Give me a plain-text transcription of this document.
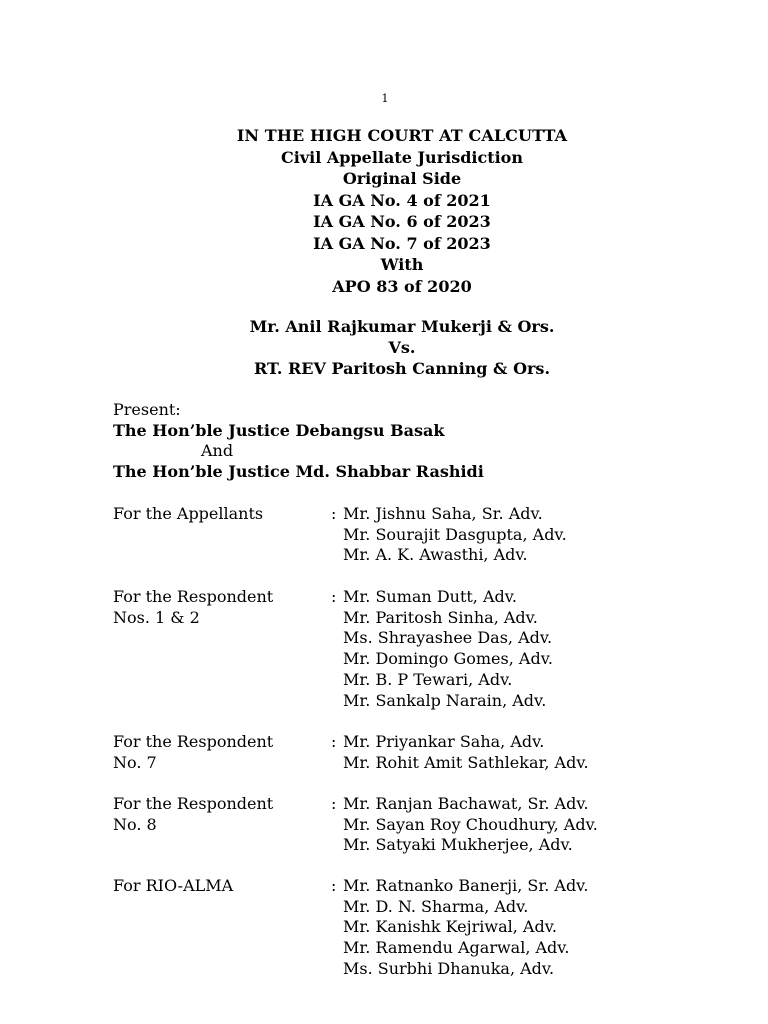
1
IN THE HIGH COURT AT CALCUTTA
Civil Appellate Jurisdiction
Original Side
IA GA No. 4 of 2021
IA GA No. 6 of 2023
IA GA No. 7 of 2023
With
APO 83 of 2020
Mr. Anil Rajkumar Mukerji & Ors.
Vs.
RT. REV Paritosh Canning & Ors.
Present:
The Hon’ble Justice Debangsu Basak
And
The Hon’ble Justice Md. Shabbar Rashidi
For the Appellants	: Mr. Jishnu Saha, Sr. Adv.
Mr. Sourajit Dasgupta, Adv.
Mr. A. K. Awasthi, Adv.
For the Respondent
Nos. 1 & 2
: Mr. Suman Dutt, Adv.
Mr. Paritosh Sinha, Adv.
Ms. Shrayashee Das, Adv.
Mr. Domingo Gomes, Adv.
Mr. B. P Tewari, Adv.
Mr. Sankalp Narain, Adv.
For the Respondent
No. 7
: Mr. Priyankar Saha, Adv.
Mr. Rohit Amit Sathlekar, Adv.
For the Respondent
No. 8
: Mr. Ranjan Bachawat, Sr. Adv.
Mr. Sayan Roy Choudhury, Adv.
Mr. Satyaki Mukherjee, Adv.
For RIO-ALMA	: Mr. Ratnanko Banerji, Sr. Adv.
Mr. D. N. Sharma, Adv.
Mr. Kanishk Kejriwal, Adv.
Mr. Ramendu Agarwal, Adv.
Ms. Surbhi Dhanuka, Adv.
